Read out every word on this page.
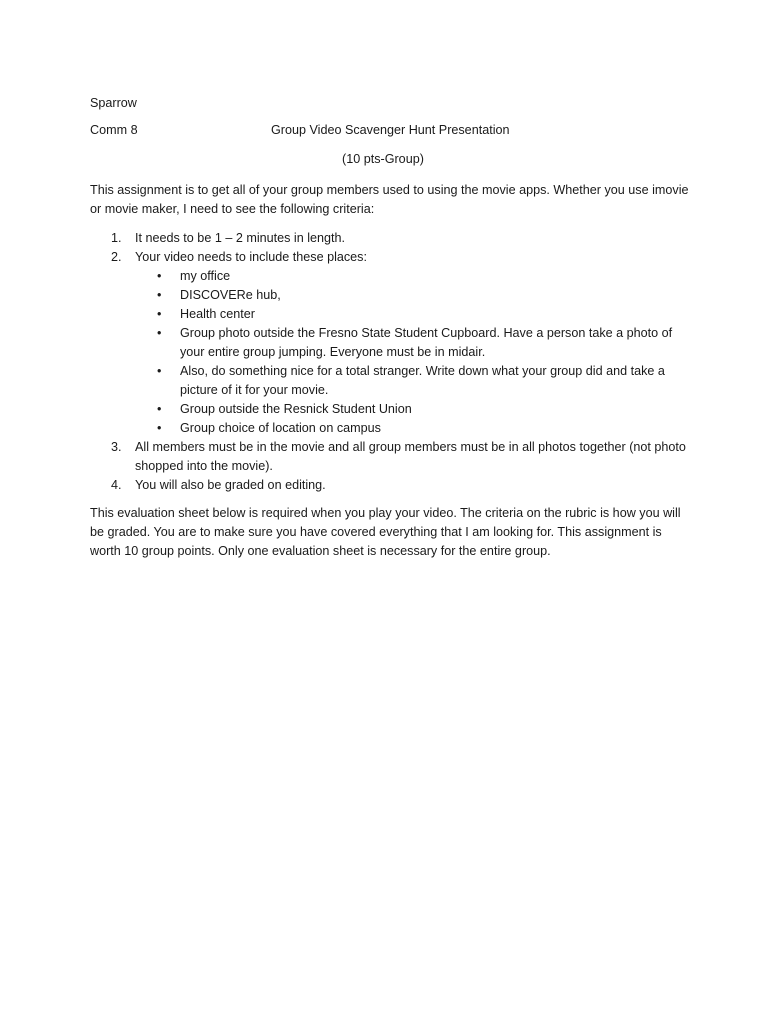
Sparrow
Comm 8	Group Video Scavenger Hunt Presentation
(10 pts-Group)

This assignment is to get all of your group members used to using the movie apps. Whether you use imovie or movie maker, I need to see the following criteria:

1. It needs to be 1 – 2 minutes in length.
2. Your video needs to include these places:
• my office
• DISCOVERe hub,
• Health center
• Group photo outside the Fresno State Student Cupboard. Have a person take a photo of your entire group jumping. Everyone must be in midair.
• Also, do something nice for a total stranger. Write down what your group did and take a picture of it for your movie.
• Group outside the Resnick Student Union
• Group choice of location on campus
3. All members must be in the movie and all group members must be in all photos together (not photo shopped into the movie).
4. You will also be graded on editing.

This evaluation sheet below is required when you play your video. The criteria on the rubric is how you will be graded. You are to make sure you have covered everything that I am looking for. This assignment is worth 10 group points. Only one evaluation sheet is necessary for the entire group.
